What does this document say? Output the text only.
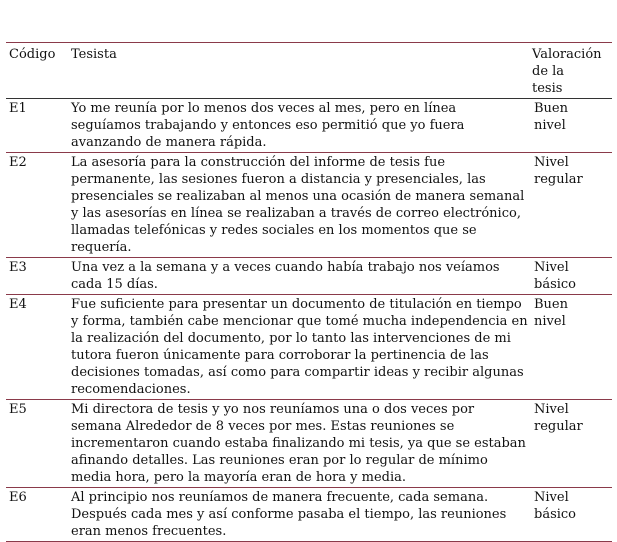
Código	Tesista	Valoración
de la
tesis

E1	Yo me reunía por lo menos dos veces al mes, pero en línea seguíamos trabajando y entonces eso permitió que yo fuera avanzando de manera rápida.	Buen
nivel

E2	La asesoría para la construcción del informe de tesis fue permanente, las sesiones fueron a distancia y presenciales, las presenciales se realizaban al menos una ocasión de manera semanal y las asesorías en línea se realizaban a través de correo electrónico, llamadas telefónicas y redes sociales en los momentos que se requería.	Nivel
regular

E3	Una vez a la semana y a veces cuando había trabajo nos veíamos cada 15 días.	Nivel
básico

E4	Fue suficiente para presentar un documento de titulación en tiempo y forma, también cabe mencionar que tomé mucha independencia en la realización del documento, por lo tanto las intervenciones de mi tutora fueron únicamente para corroborar la pertinencia de las decisiones tomadas, así como para compartir ideas y recibir algunas recomendaciones.	Buen
nivel

E5	Mi directora de tesis y yo nos reuníamos una o dos veces por semana Alrededor de 8 veces por mes. Estas reuniones se incrementaron cuando estaba finalizando mi tesis, ya que se estaban afinando detalles. Las reuniones eran por lo regular de mínimo media hora, pero la mayoría eran de hora y media.	Nivel
regular

E6	Al principio nos reuníamos de manera frecuente, cada semana. Después cada mes y así conforme pasaba el tiempo, las reuniones eran menos frecuentes.	Nivel
básico
